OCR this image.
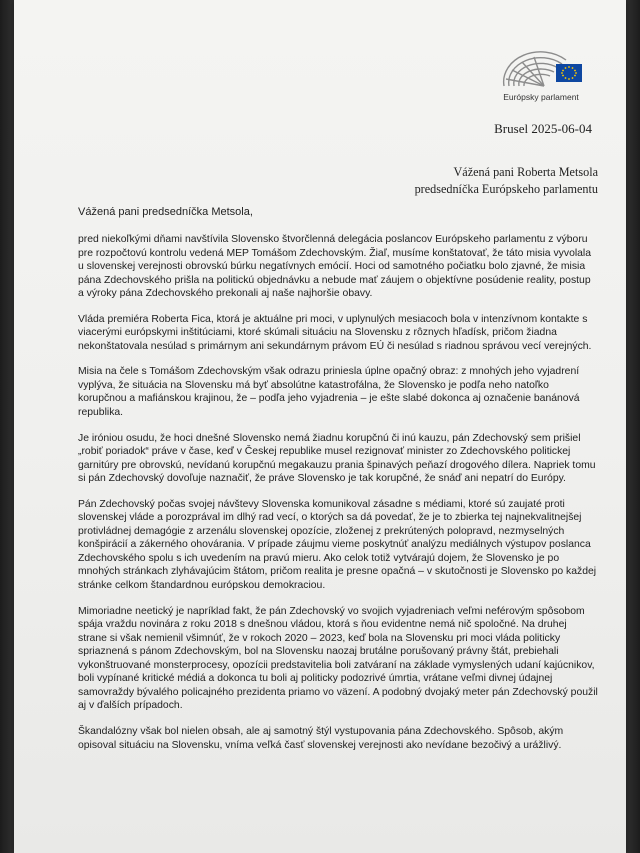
Európsky parlament
Brusel 2025-06-04
Vážená pani Roberta Metsola
predsedníčka Európskeho parlamentu
Vážená pani predsedníčka Metsola,

pred niekoľkými dňami navštívila Slovensko štvorčlenná delegácia poslancov Európskeho parlamentu z výboru pre rozpočtovú kontrolu vedená MEP Tomášom Zdechovským. Žiaľ, musíme konštatovať, že táto misia vyvolala u slovenskej verejnosti obrovskú búrku negatívnych emócií. Hoci od samotného počiatku bolo zjavné, že misia pána Zdechovského prišla na politickú objednávku a nebude mať záujem o objektívne posúdenie reality, postup a výroky pána Zdechovského prekonali aj naše najhoršie obavy.

Vláda premiéra Roberta Fica, ktorá je aktuálne pri moci, v uplynulých mesiacoch bola v intenzívnom kontakte s viacerými európskymi inštitúciami, ktoré skúmali situáciu na Slovensku z rôznych hľadísk, pričom žiadna nekonštatovala nesúlad s primárnym ani sekundárnym právom EÚ či nesúlad s riadnou správou vecí verejných.

Misia na čele s Tomášom Zdechovským však odrazu priniesla úplne opačný obraz: z mnohých jeho vyjadrení vyplýva, že situácia na Slovensku má byť absolútne katastrofálna, že Slovensko je podľa neho natoľko korupčnou a mafiánskou krajinou, že – podľa jeho vyjadrenia – je ešte slabé dokonca aj označenie banánová republika.

Je iróniou osudu, že hoci dnešné Slovensko nemá žiadnu korupčnú či inú kauzu, pán Zdechovský sem prišiel „robiť poriadok“ práve v čase, keď v Českej republike musel rezignovať minister zo Zdechovského politickej garnitúry pre obrovskú, nevídanú korupčnú megakauzu prania špinavých peňazí drogového dílera. Napriek tomu si pán Zdechovský dovoľuje naznačiť, že práve Slovensko je tak korupčné, že snáď ani nepatrí do Európy.

Pán Zdechovský počas svojej návštevy Slovenska komunikoval zásadne s médiami, ktoré sú zaujaté proti slovenskej vláde a porozprával im dlhý rad vecí, o ktorých sa dá povedať, že je to zbierka tej najnekvalitnejšej protivládnej demagógie z arzenálu slovenskej opozície, zloženej z prekrútených polopravd, nezmyselných konšpirácií a zákerného ohovárania. V prípade záujmu vieme poskytnúť analýzu mediálnych výstupov poslanca Zdechovského spolu s ich uvedením na pravú mieru. Ako celok totiž vytvárajú dojem, že Slovensko je po mnohých stránkach zlyhávajúcim štátom, pričom realita je presne opačná – v skutočnosti je Slovensko po každej stránke celkom štandardnou európskou demokraciou.

Mimoriadne neetický je napríklad fakt, že pán Zdechovský vo svojich vyjadreniach veľmi neférovým spôsobom spája vraždu novinára z roku 2018 s dnešnou vládou, ktorá s ňou evidentne nemá nič spoločné. Na druhej strane si však nemienil všimnúť, že v rokoch 2020 – 2023, keď bola na Slovensku pri moci vláda politicky spriaznená s pánom Zdechovským, bol na Slovensku naozaj brutálne porušovaný právny štát, prebiehali vykonštruované monsterprocesy, opozícii predstavitelia boli zatváraní na základe vymyslených udaní kajúcnikov, boli vypínané kritické médiá a dokonca tu boli aj politicky podozrivé úmrtia, vrátane veľmi divnej údajnej samovraždy bývalého policajného prezidenta priamo vo väzení. A podobný dvojaký meter pán Zdechovský použil aj v ďalších prípadoch.

Škandalózny však bol nielen obsah, ale aj samotný štýl vystupovania pána Zdechovského. Spôsob, akým opisoval situáciu na Slovensku, vníma veľká časť slovenskej verejnosti ako nevídane bezočivý a urážlivý.
